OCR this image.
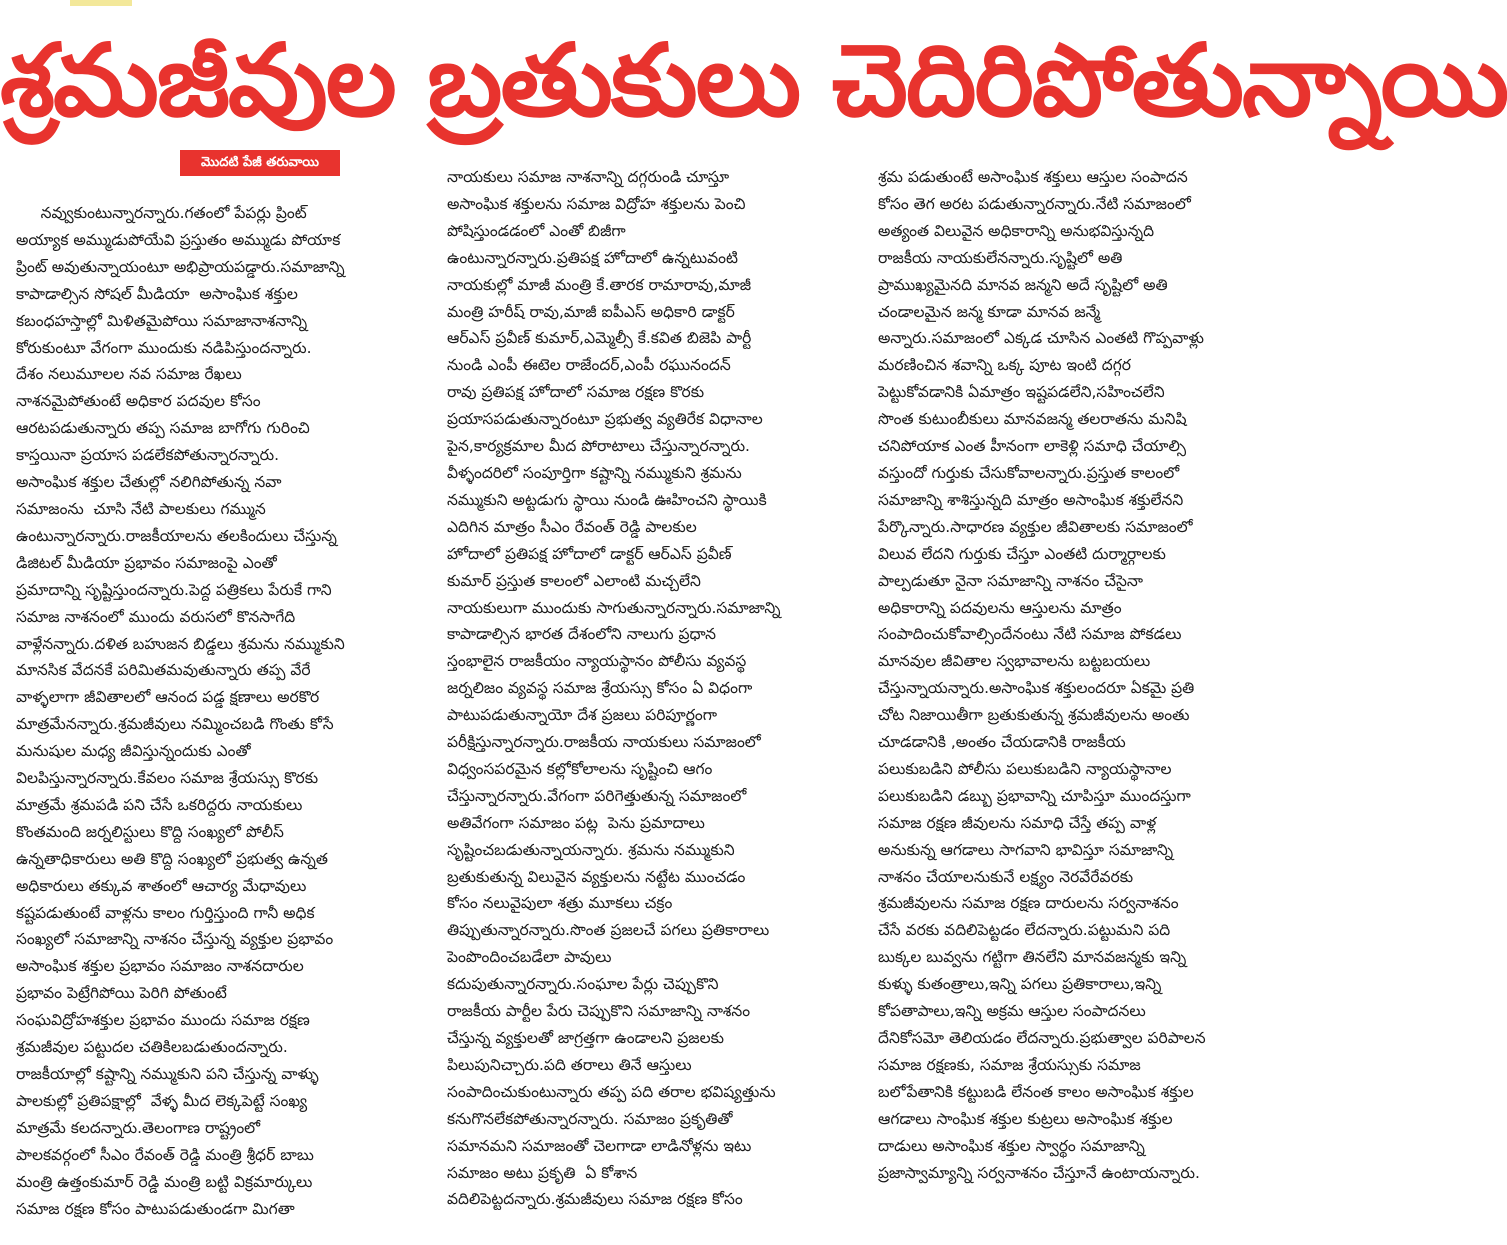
శ్రమజీవుల బ్రతుకులు చెదిరిపోతున్నాయి
మొదటి పేజీ తరువాయి
నవ్వుకుంటున్నారన్నారు.గతంలో పేపర్లు ప్రింట్
అయ్యాక అమ్ముడుపోయేవి ప్రస్తుతం అమ్ముడు పోయాక
ప్రింట్ అవుతున్నాయంటూ అభిప్రాయపడ్డారు.సమాజాన్ని
కాపాడాల్సిన సోషల్ మీడియా  అసాంఘిక శక్తుల
కబంధహస్తాల్లో మిళితమైపోయి సమాజానాశనాన్ని
కోరుకుంటూ వేగంగా ముందుకు నడిపిస్తుందన్నారు.
దేశం నలుమూలల నవ సమాజ రేఖలు
నాశనమైపోతుంటే అధికార పదవుల కోసం
ఆరటపడుతున్నారు తప్ప సమాజ బాగోగు గురించి
కాస్తయినా ప్రయాస పడలేకపోతున్నారన్నారు.
అసాంఘిక శక్తుల చేతుల్లో నలిగిపోతున్న నవా
సమాజంను  చూసి నేటి పాలకులు గమ్మున
ఉంటున్నారన్నారు.రాజకీయాలను తలకిందులు చేస్తున్న
డిజిటల్ మీడియా ప్రభావం సమాజంపై ఎంతో
ప్రమాదాన్ని సృష్టిస్తుందన్నారు.పెద్ద పత్రికలు పేరుకే గాని
సమాజ నాశనంలో ముందు వరుసలో కొనసాగేది
వాళ్లేనన్నారు.దళిత బహుజన బిడ్డలు శ్రమను నమ్ముకుని
మానసిక వేదనకే పరిమితమవుతున్నారు తప్ప వేరే
వాళ్ళలాగా జీవితాలలో ఆనంద పడ్డ క్షణాలు అరకొర
మాత్రమేనన్నారు.శ్రమజీవులు నమ్మించబడి గొంతు కోసే
మనుషుల మధ్య జీవిస్తున్నందుకు ఎంతో
విలపిస్తున్నారన్నారు.కేవలం సమాజ శ్రేయస్సు కొరకు
మాత్రమే శ్రమపడి పని చేసే ఒకరిద్దరు నాయకులు
కొంతమంది జర్నలిస్టులు కొద్ది సంఖ్యలో పోలీస్
ఉన్నతాధికారులు అతి కొద్ది సంఖ్యలో ప్రభుత్వ ఉన్నత
అధికారులు తక్కువ శాతంలో ఆచార్య మేధావులు
కష్టపడుతుంటే వాళ్లను కాలం గుర్తిస్తుంది గానీ అధిక
సంఖ్యలో సమాజాన్ని నాశనం చేస్తున్న వ్యక్తుల ప్రభావం
అసాంఘిక శక్తుల ప్రభావం సమాజం నాశనదారుల
ప్రభావం పెట్రేగిపోయి పెరిగి పోతుంటే
సంఘవిద్రోహశక్తుల ప్రభావం ముందు సమాజ రక్షణ
శ్రమజీవుల పట్టుదల చతికిలబడుతుందన్నారు.
రాజకీయాల్లో కష్టాన్ని నమ్ముకుని పని చేస్తున్న వాళ్ళు
పాలకుల్లో ప్రతిపక్షాల్లో  వేళ్ళ మీద లెక్కపెట్టే సంఖ్య
మాత్రమే కలదన్నారు.తెలంగాణ రాష్ట్రంలో
పాలకవర్గంలో సీఎం రేవంత్ రెడ్డి మంత్రి శ్రీధర్ బాబు
మంత్రి ఉత్తంకుమార్ రెడ్డి మంత్రి బట్టి విక్రమార్కులు
సమాజ రక్షణ కోసం పాటుపడుతుండగా మిగతా
నాయకులు సమాజ నాశనాన్ని దగ్గరుండి చూస్తూ
అసాంఘిక శక్తులను సమాజ విద్రోహ శక్తులను పెంచి
పోషిస్తుండడంలో ఎంతో బిజీగా
ఉంటున్నారన్నారు.ప్రతిపక్ష హోదాలో ఉన్నటువంటి
నాయకుల్లో మాజీ మంత్రి కే.తారక రామారావు,మాజీ
మంత్రి హరీష్ రావు,మాజీ ఐపీఎస్ అధికారి డాక్టర్
ఆర్ఎస్ ప్రవీణ్ కుమార్,ఎమ్మెల్సీ కే.కవిత బిజెపి పార్టీ
నుండి ఎంపీ ఈటెల రాజేందర్,ఎంపీ రఘునందన్
రావు ప్రతిపక్ష హోదాలో సమాజ రక్షణ కొరకు
ప్రయాసపడుతున్నారంటూ ప్రభుత్వ వ్యతిరేక విధానాల
పైన,కార్యక్రమాల మీద పోరాటాలు చేస్తున్నారన్నారు.
వీళ్ళందరిలో సంపూర్తిగా కష్టాన్ని నమ్ముకుని శ్రమను
నమ్ముకుని అట్టడుగు స్థాయి నుండి ఊహించని స్థాయికి
ఎదిగిన మాత్రం సీఎం రేవంత్ రెడ్డి పాలకుల
హోదాలో ప్రతిపక్ష హోదాలో డాక్టర్ ఆర్ఎస్ ప్రవీణ్
కుమార్ ప్రస్తుత కాలంలో ఎలాంటి మచ్చలేని
నాయకులుగా ముందుకు సాగుతున్నారన్నారు.సమాజాన్ని
కాపాడాల్సిన భారత దేశంలోని నాలుగు ప్రధాన
స్తంభాలైన రాజకీయం న్యాయస్థానం పోలీసు వ్యవస్థ
జర్నలిజం వ్యవస్థ సమాజ శ్రేయస్సు కోసం ఏ విధంగా
పాటుపడుతున్నాయో దేశ ప్రజలు పరిపూర్ణంగా
పరీక్షిస్తున్నారన్నారు.రాజకీయ నాయకులు సమాజంలో
విధ్వంసపరమైన కల్లోకోలాలను సృష్టించి ఆగం
చేస్తున్నారన్నారు.వేగంగా పరిగెత్తుతున్న సమాజంలో
అతివేగంగా సమాజం పట్ల  పెను ప్రమాదాలు
సృష్టించబడుతున్నాయన్నారు. శ్రమను నమ్ముకుని
బ్రతుకుతున్న విలువైన వ్యక్తులను నట్టేట ముంచడం
కోసం నలువైపులా శత్రు మూకలు చక్రం
తిప్పుతున్నారన్నారు.సొంత ప్రజలచే పగలు ప్రతికారాలు
పెంపొందించబడేలా పావులు
కదుపుతున్నారన్నారు.సంఘాల పేర్లు చెప్పుకొని
రాజకీయ పార్టీల పేరు చెప్పుకొని సమాజాన్ని నాశనం
చేస్తున్న వ్యక్తులతో జాగ్రత్తగా ఉండాలని ప్రజలకు
పిలుపునిచ్చారు.పది తరాలు తినే ఆస్తులు
సంపాదించుకుంటున్నారు తప్ప పది తరాల భవిష్యత్తును
కనుగొనలేకపోతున్నారన్నారు. సమాజం ప్రకృతితో
సమానమని సమాజంతో చెలగాడా లాడినోళ్లను ఇటు
సమాజం అటు ప్రకృతి  ఏ కోశాన
వదిలిపెట్టదన్నారు.శ్రమజీవులు సమాజ రక్షణ కోసం
శ్రమ పడుతుంటే అసాంఘిక శక్తులు ఆస్తుల సంపాదన
కోసం తెగ అరట పడుతున్నారన్నారు.నేటి సమాజంలో
అత్యంత విలువైన అధికారాన్ని అనుభవిస్తున్నది
రాజకీయ నాయకులేనన్నారు.సృష్టిలో అతి
ప్రాముఖ్యమైనది మానవ జన్మని అదే సృష్టిలో అతి
చండాలమైన జన్మ కూడా మానవ జన్మే
అన్నారు.సమాజంలో ఎక్కడ చూసిన ఎంతటి గొప్పవాళ్లు
మరణించిన శవాన్ని ఒక్క పూట ఇంటి దగ్గర
పెట్టుకోవడానికి ఏమాత్రం ఇష్టపడలేని,సహించలేని
సొంత కుటుంబీకులు మానవజన్మ తలరాతను మనిషి
చనిపోయాక ఎంత హీనంగా లాకెళ్లి సమాధి చేయాల్సి
వస్తుందో గుర్తుకు చేసుకోవాలన్నారు.ప్రస్తుత కాలంలో
సమాజాన్ని శాశిస్తున్నది మాత్రం అసాంఘిక శక్తులేనని
పేర్కొన్నారు.సాధారణ వ్యక్తుల జీవితాలకు సమాజంలో
విలువ లేదని గుర్తుకు చేస్తూ ఎంతటి దుర్మార్గాలకు
పాల్పడుతూ నైనా సమాజాన్ని నాశనం చేసైనా
అధికారాన్ని పదవులను ఆస్తులను మాత్రం
సంపాదించుకోవాల్సిందేనంటు నేటి సమాజ పోకడలు
మానవుల జీవితాల స్వభావాలను బట్టబయలు
చేస్తున్నాయన్నారు.అసాంఘిక శక్తులందరూ ఏకమై ప్రతి
చోట నిజాయితీగా బ్రతుకుతున్న శ్రమజీవులను అంతు
చూడడానికి ,అంతం చేయడానికి రాజకీయ
పలుకుబడిని పోలీసు పలుకుబడిని న్యాయస్థానాల
పలుకుబడిని డబ్బు ప్రభావాన్ని చూపిస్తూ ముందస్తుగా
సమాజ రక్షణ జీవులను సమాధి చేస్తే తప్ప వాళ్ల
అనుకున్న ఆగడాలు సాగవాని భావిస్తూ సమాజాన్ని
నాశనం చేయాలనుకునే లక్ష్యం నెరవేరేవరకు
శ్రమజీవులను సమాజ రక్షణ దారులను సర్వనాశనం
చేసే వరకు వదిలిపెట్టడం లేదన్నారు.పట్టుమని పది
బుక్కల బువ్వను గట్టిగా తినలేని మానవజన్మకు ఇన్ని
కుళ్ళు కుతంత్రాలు,ఇన్ని పగలు ప్రతికారాలు,ఇన్ని
కోపతాపాలు,ఇన్ని అక్రమ ఆస్తుల సంపాదనలు
దేనికోసమో తెలియడం లేదన్నారు.ప్రభుత్వాల పరిపాలన
సమాజ రక్షణకు, సమాజ శ్రేయస్సుకు సమాజ
బలోపేతానికి కట్టుబడి లేనంత కాలం అసాంఘిక శక్తుల
ఆగడాలు సాంఘిక శక్తుల కుట్రలు అసాంఘిక శక్తుల
దాడులు అసాంఘిక శక్తుల స్వార్థం సమాజాన్ని
ప్రజాస్వామ్యాన్ని సర్వనాశనం చేస్తూనే ఉంటాయన్నారు.
